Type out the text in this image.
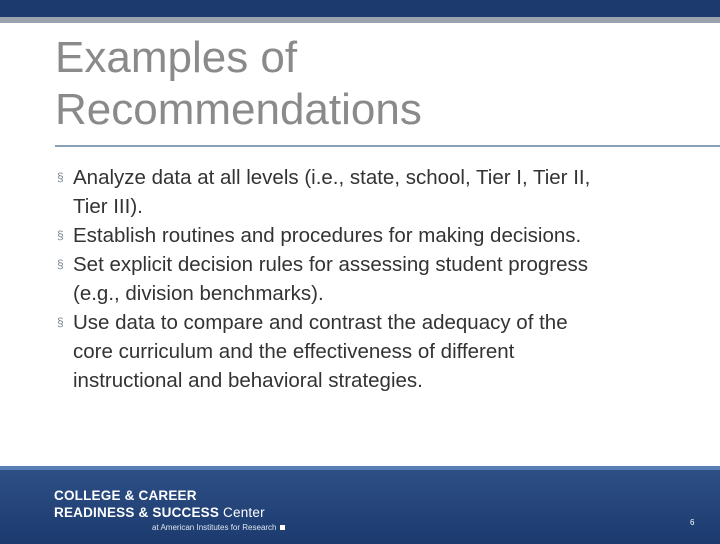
Examples of
Recommendations
§ Analyze data at all levels (i.e., state, school, Tier I, Tier II,
Tier III).
§ Establish routines and procedures for making decisions.
§ Set explicit decision rules for assessing student progress
(e.g., division benchmarks).
§ Use data to compare and contrast the adequacy of the
core curriculum and the effectiveness of different
instructional and behavioral strategies.
COLLEGE & CAREER
READINESS & SUCCESS Center
at American Institutes for Research
6
